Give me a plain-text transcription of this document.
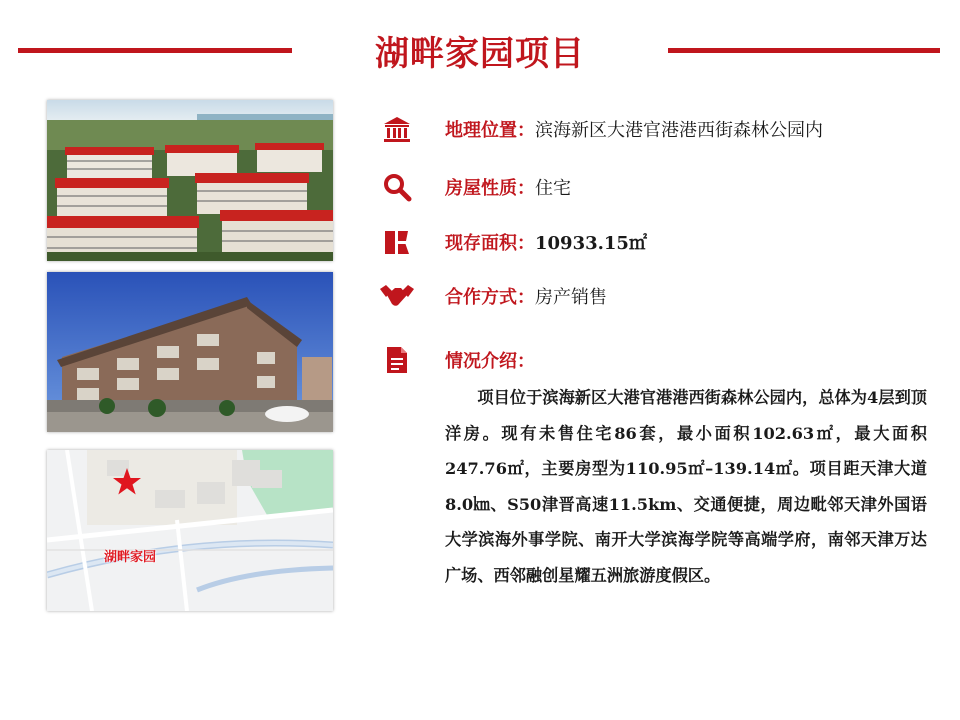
湖畔家园项目
湖畔家园
地理位置： 滨海新区大港官港港西街森林公园内
房屋性质： 住宅
现存面积： 10933.15㎡
合作方式： 房产销售
情况介绍：
项目位于滨海新区大港官港港西街森林公园内，总体为4层到顶洋房。现有未售住宅86套，最小面积102.63㎡，最大面积247.76㎡，主要房型为110.95㎡–139.14㎡。项目距天津大道8.0㎞、S50津晋高速11.5km、交通便捷，周边毗邻天津外国语大学滨海外事学院、南开大学滨海学院等高端学府，南邻天津万达广场、西邻融创星耀五洲旅游度假区。
